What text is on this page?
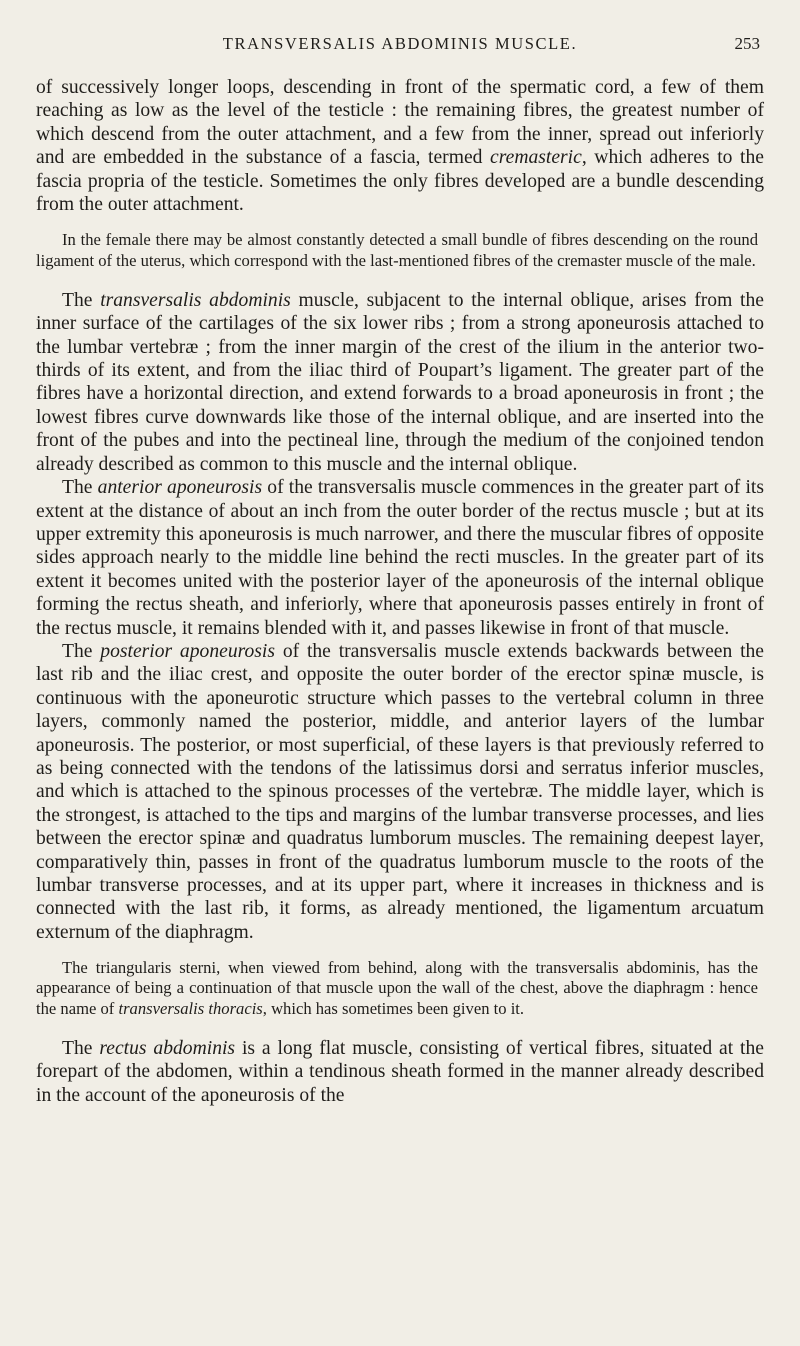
TRANSVERSALIS ABDOMINIS MUSCLE.	253

of successively longer loops, descending in front of the spermatic cord, a few of them reaching as low as the level of the testicle : the remaining fibres, the greatest number of which descend from the outer attachment, and a few from the inner, spread out inferiorly and are embedded in the substance of a fascia, termed cremasteric, which adheres to the fascia propria of the testicle. Sometimes the only fibres developed are a bundle descending from the outer attachment.

In the female there may be almost constantly detected a small bundle of fibres descending on the round ligament of the uterus, which correspond with the last-mentioned fibres of the cremaster muscle of the male.

The transversalis abdominis muscle, subjacent to the internal oblique, arises from the inner surface of the cartilages of the six lower ribs ; from a strong aponeurosis attached to the lumbar vertebræ ; from the inner margin of the crest of the ilium in the anterior two-thirds of its extent, and from the iliac third of Poupart’s ligament. The greater part of the fibres have a horizontal direction, and extend forwards to a broad aponeurosis in front ; the lowest fibres curve downwards like those of the internal oblique, and are inserted into the front of the pubes and into the pectineal line, through the medium of the conjoined tendon already described as common to this muscle and the internal oblique.

The anterior aponeurosis of the transversalis muscle commences in the greater part of its extent at the distance of about an inch from the outer border of the rectus muscle ; but at its upper extremity this aponeurosis is much narrower, and there the muscular fibres of opposite sides approach nearly to the middle line behind the recti muscles. In the greater part of its extent it becomes united with the posterior layer of the aponeurosis of the internal oblique forming the rectus sheath, and inferiorly, where that aponeurosis passes entirely in front of the rectus muscle, it remains blended with it, and passes likewise in front of that muscle.

The posterior aponeurosis of the transversalis muscle extends backwards between the last rib and the iliac crest, and opposite the outer border of the erector spinæ muscle, is continuous with the aponeurotic structure which passes to the vertebral column in three layers, commonly named the posterior, middle, and anterior layers of the lumbar aponeurosis. The posterior, or most superficial, of these layers is that previously referred to as being connected with the tendons of the latissimus dorsi and serratus inferior muscles, and which is attached to the spinous processes of the vertebræ. The middle layer, which is the strongest, is attached to the tips and margins of the lumbar transverse processes, and lies between the erector spinæ and quadratus lumborum muscles. The remaining deepest layer, comparatively thin, passes in front of the quadratus lumborum muscle to the roots of the lumbar transverse processes, and at its upper part, where it increases in thickness and is connected with the last rib, it forms, as already mentioned, the ligamentum arcuatum externum of the diaphragm.

The triangularis sterni, when viewed from behind, along with the transversalis abdominis, has the appearance of being a continuation of that muscle upon the wall of the chest, above the diaphragm : hence the name of transversalis thoracis, which has sometimes been given to it.

The rectus abdominis is a long flat muscle, consisting of vertical fibres, situated at the forepart of the abdomen, within a tendinous sheath formed in the manner already described in the account of the aponeurosis of the
